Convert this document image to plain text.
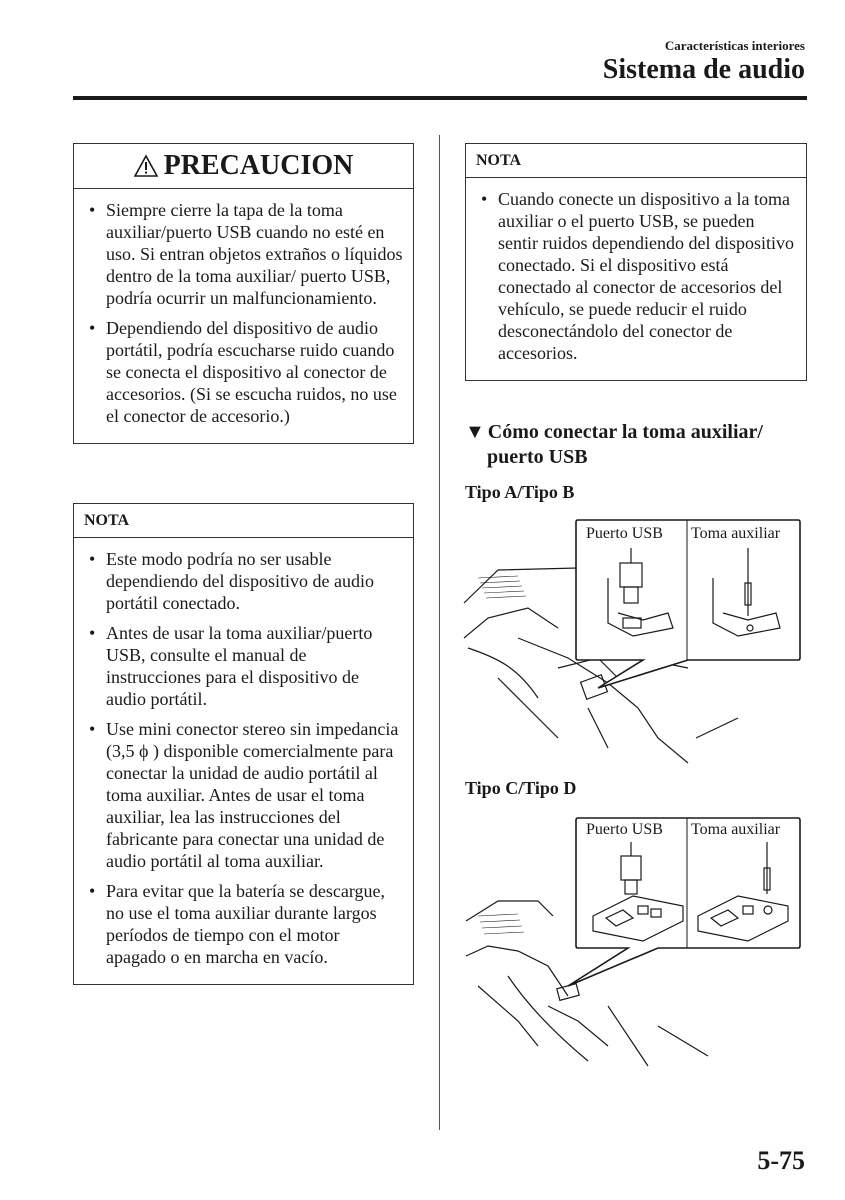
Características interiores
Sistema de audio
PRECAUCION
• Siempre cierre la tapa de la toma auxiliar/puerto USB cuando no esté en uso. Si entran objetos extraños o líquidos dentro de la toma auxiliar/ puerto USB, podría ocurrir un malfuncionamiento.
• Dependiendo del dispositivo de audio portátil, podría escucharse ruido cuando se conecta el dispositivo al conector de accesorios. (Si se escucha ruidos, no use el conector de accesorio.)
NOTA
• Este modo podría no ser usable dependiendo del dispositivo de audio portátil conectado.
• Antes de usar la toma auxiliar/puerto USB, consulte el manual de instrucciones para el dispositivo de audio portátil.
• Use mini conector stereo sin impedancia (3,5 ϕ ) disponible comercialmente para conectar la unidad de audio portátil al toma auxiliar. Antes de usar el toma auxiliar, lea las instrucciones del fabricante para conectar una unidad de audio portátil al toma auxiliar.
• Para evitar que la batería se descargue, no use el toma auxiliar durante largos períodos de tiempo con el motor apagado o en marcha en vacío.
NOTA
• Cuando conecte un dispositivo a la toma auxiliar o el puerto USB, se pueden sentir ruidos dependiendo del dispositivo conectado. Si el dispositivo está conectado al conector de accesorios del vehículo, se puede reducir el ruido desconectándolo del conector de accesorios.
▼ Cómo conectar la toma auxiliar/
puerto USB
Tipo A/Tipo B
Puerto USB Toma auxiliar
Tipo C/Tipo D
Puerto USB Toma auxiliar
5-75
